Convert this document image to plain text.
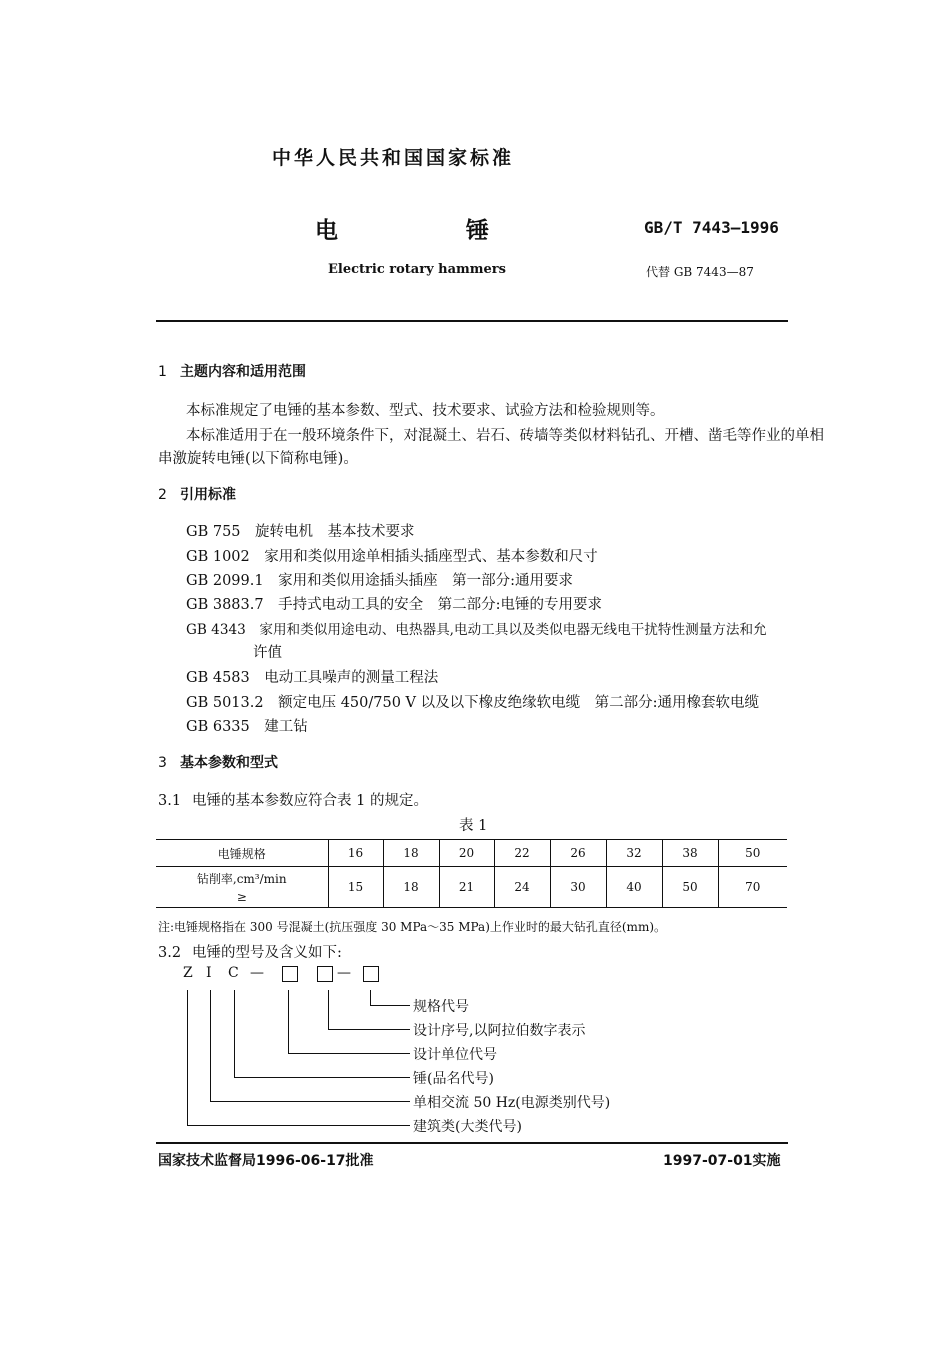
中华人民共和国国家标准
电	锤	GB/T 7443—1996
Electric rotary hammers	代替 GB 7443—87
1 主题内容和适用范围
本标准规定了电锤的基本参数、型式、技术要求、试验方法和检验规则等。
本标准适用于在一般环境条件下，对混凝土、岩石、砖墙等类似材料钻孔、开槽、凿毛等作业的单相
串激旋转电锤(以下简称电锤)。
2 引用标准
GB 755　 旋转电机　基本技术要求
GB 1002　 家用和类似用途单相插头插座型式、基本参数和尺寸
GB 2099.1　 家用和类似用途插头插座　第一部分:通用要求
GB 3883.7　 手持式电动工具的安全　第二部分:电锤的专用要求
GB 4343　 家用和类似用途电动、电热器具,电动工具以及类似电器无线电干扰特性测量方法和允
许值
GB 4583　 电动工具噪声的测量工程法
GB 5013.2　 额定电压 450/750 V 以及以下橡皮绝缘软电缆　第二部分:通用橡套软电缆
GB 6335　 建工钻
3 基本参数和型式
3.1 电锤的基本参数应符合表 1 的规定。
表 1
电锤规格	16	18	20	22	26	32	38	50

钻削率,cm³/min
≥	15	18	21	24	30	40	50	70
注:电锤规格指在 300 号混凝土(抗压强度 30 MPa～35 MPa)上作业时的最大钻孔直径(mm)。
3.2 电锤的型号及含义如下:
Z I C —	—
规格代号
设计序号,以阿拉伯数字表示
设计单位代号
锤(品名代号)
单相交流 50 Hz(电源类别代号)
建筑类(大类代号)
国家技术监督局1996-06-17批准	1997-07-01实施
